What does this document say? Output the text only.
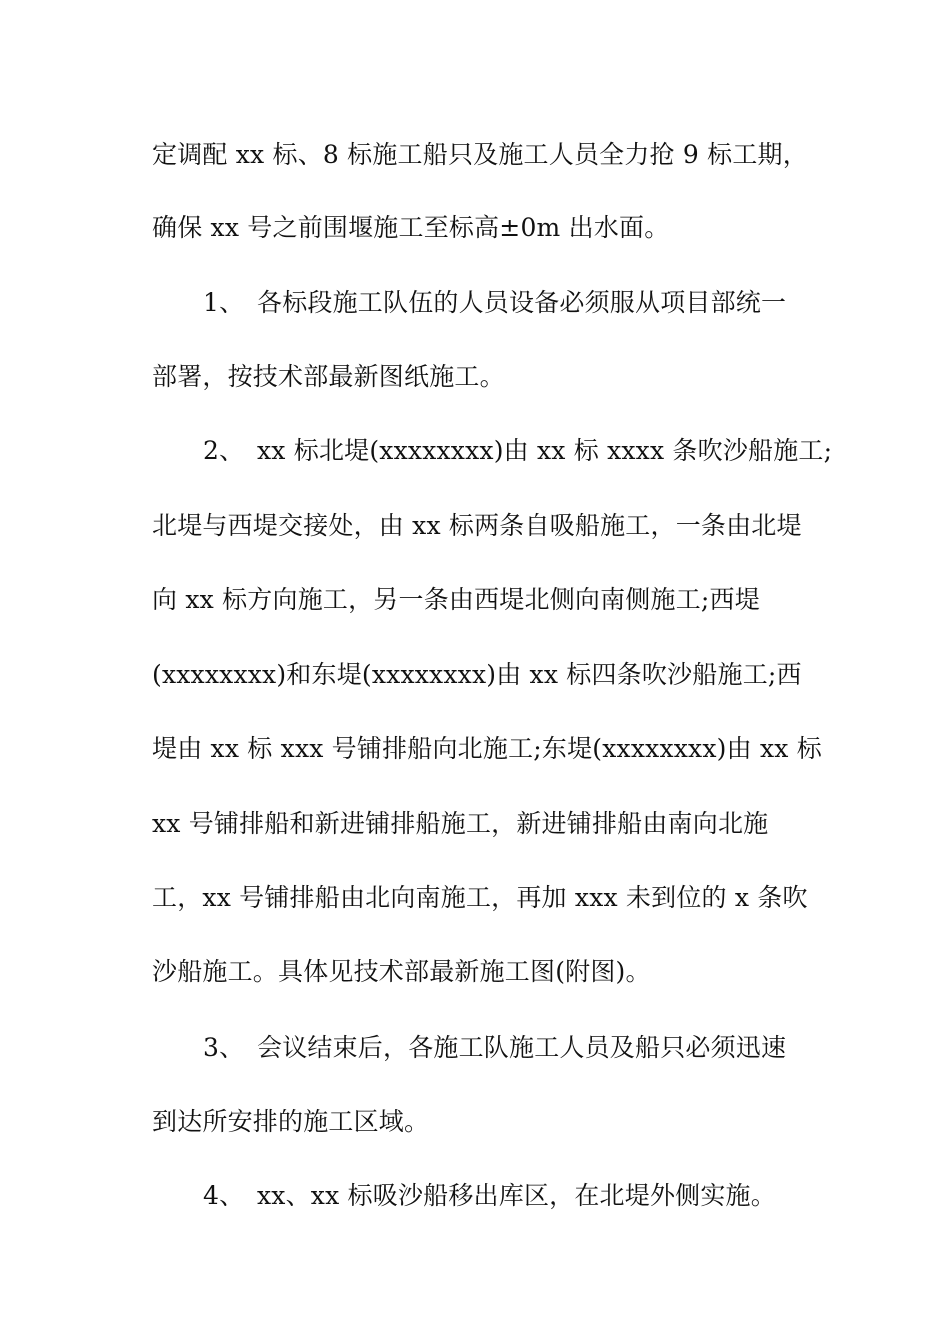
定调配 xx 标、8 标施工船只及施工人员全力抢 9 标工期，
确保 xx 号之前围堰施工至标高±0m 出水面。
1、 各标段施工队伍的人员设备必须服从项目部统一
部署，按技术部最新图纸施工。
2、 xx 标北堤(xxxxxxxx)由 xx 标 xxxx 条吹沙船施工;
北堤与西堤交接处，由 xx 标两条自吸船施工，一条由北堤
向 xx 标方向施工，另一条由西堤北侧向南侧施工;西堤
(xxxxxxxx)和东堤(xxxxxxxx)由 xx 标四条吹沙船施工;西
堤由 xx 标 xxx 号铺排船向北施工;东堤(xxxxxxxx)由 xx 标
xx 号铺排船和新进铺排船施工，新进铺排船由南向北施
工，xx 号铺排船由北向南施工，再加 xxx 未到位的 x 条吹
沙船施工。具体见技术部最新施工图(附图)。
3、 会议结束后，各施工队施工人员及船只必须迅速
到达所安排的施工区域。
4、 xx、xx 标吸沙船移出库区，在北堤外侧实施。
